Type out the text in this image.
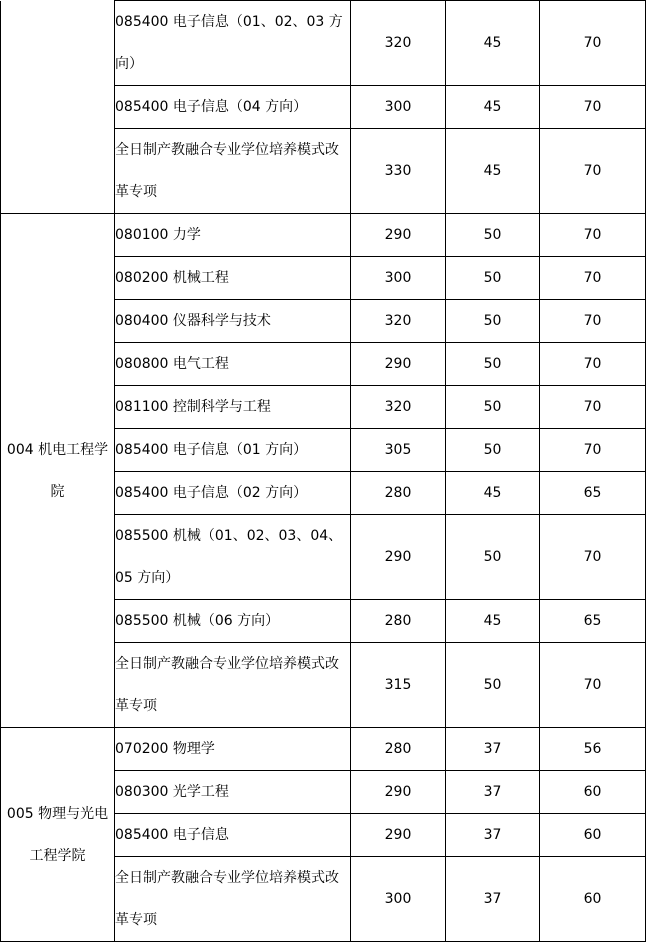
	085400 电子信息（01、02、03 方向）	320	45	70
	085400 电子信息（04 方向）	300	45	70
	全日制产教融合专业学位培养模式改革专项	330	45	70
004 机电工程学院	080100 力学	290	50	70
	080200 机械工程	300	50	70
	080400 仪器科学与技术	320	50	70
	080800 电气工程	290	50	70
	081100 控制科学与工程	320	50	70
	085400 电子信息（01 方向）	305	50	70
	085400 电子信息（02 方向）	280	45	65
	085500 机械（01、02、03、04、05 方向）	290	50	70
	085500 机械（06 方向）	280	45	65
	全日制产教融合专业学位培养模式改革专项	315	50	70
005 物理与光电工程学院	070200 物理学	280	37	56
	080300 光学工程	290	37	60
	085400 电子信息	290	37	60
	全日制产教融合专业学位培养模式改革专项	300	37	60
